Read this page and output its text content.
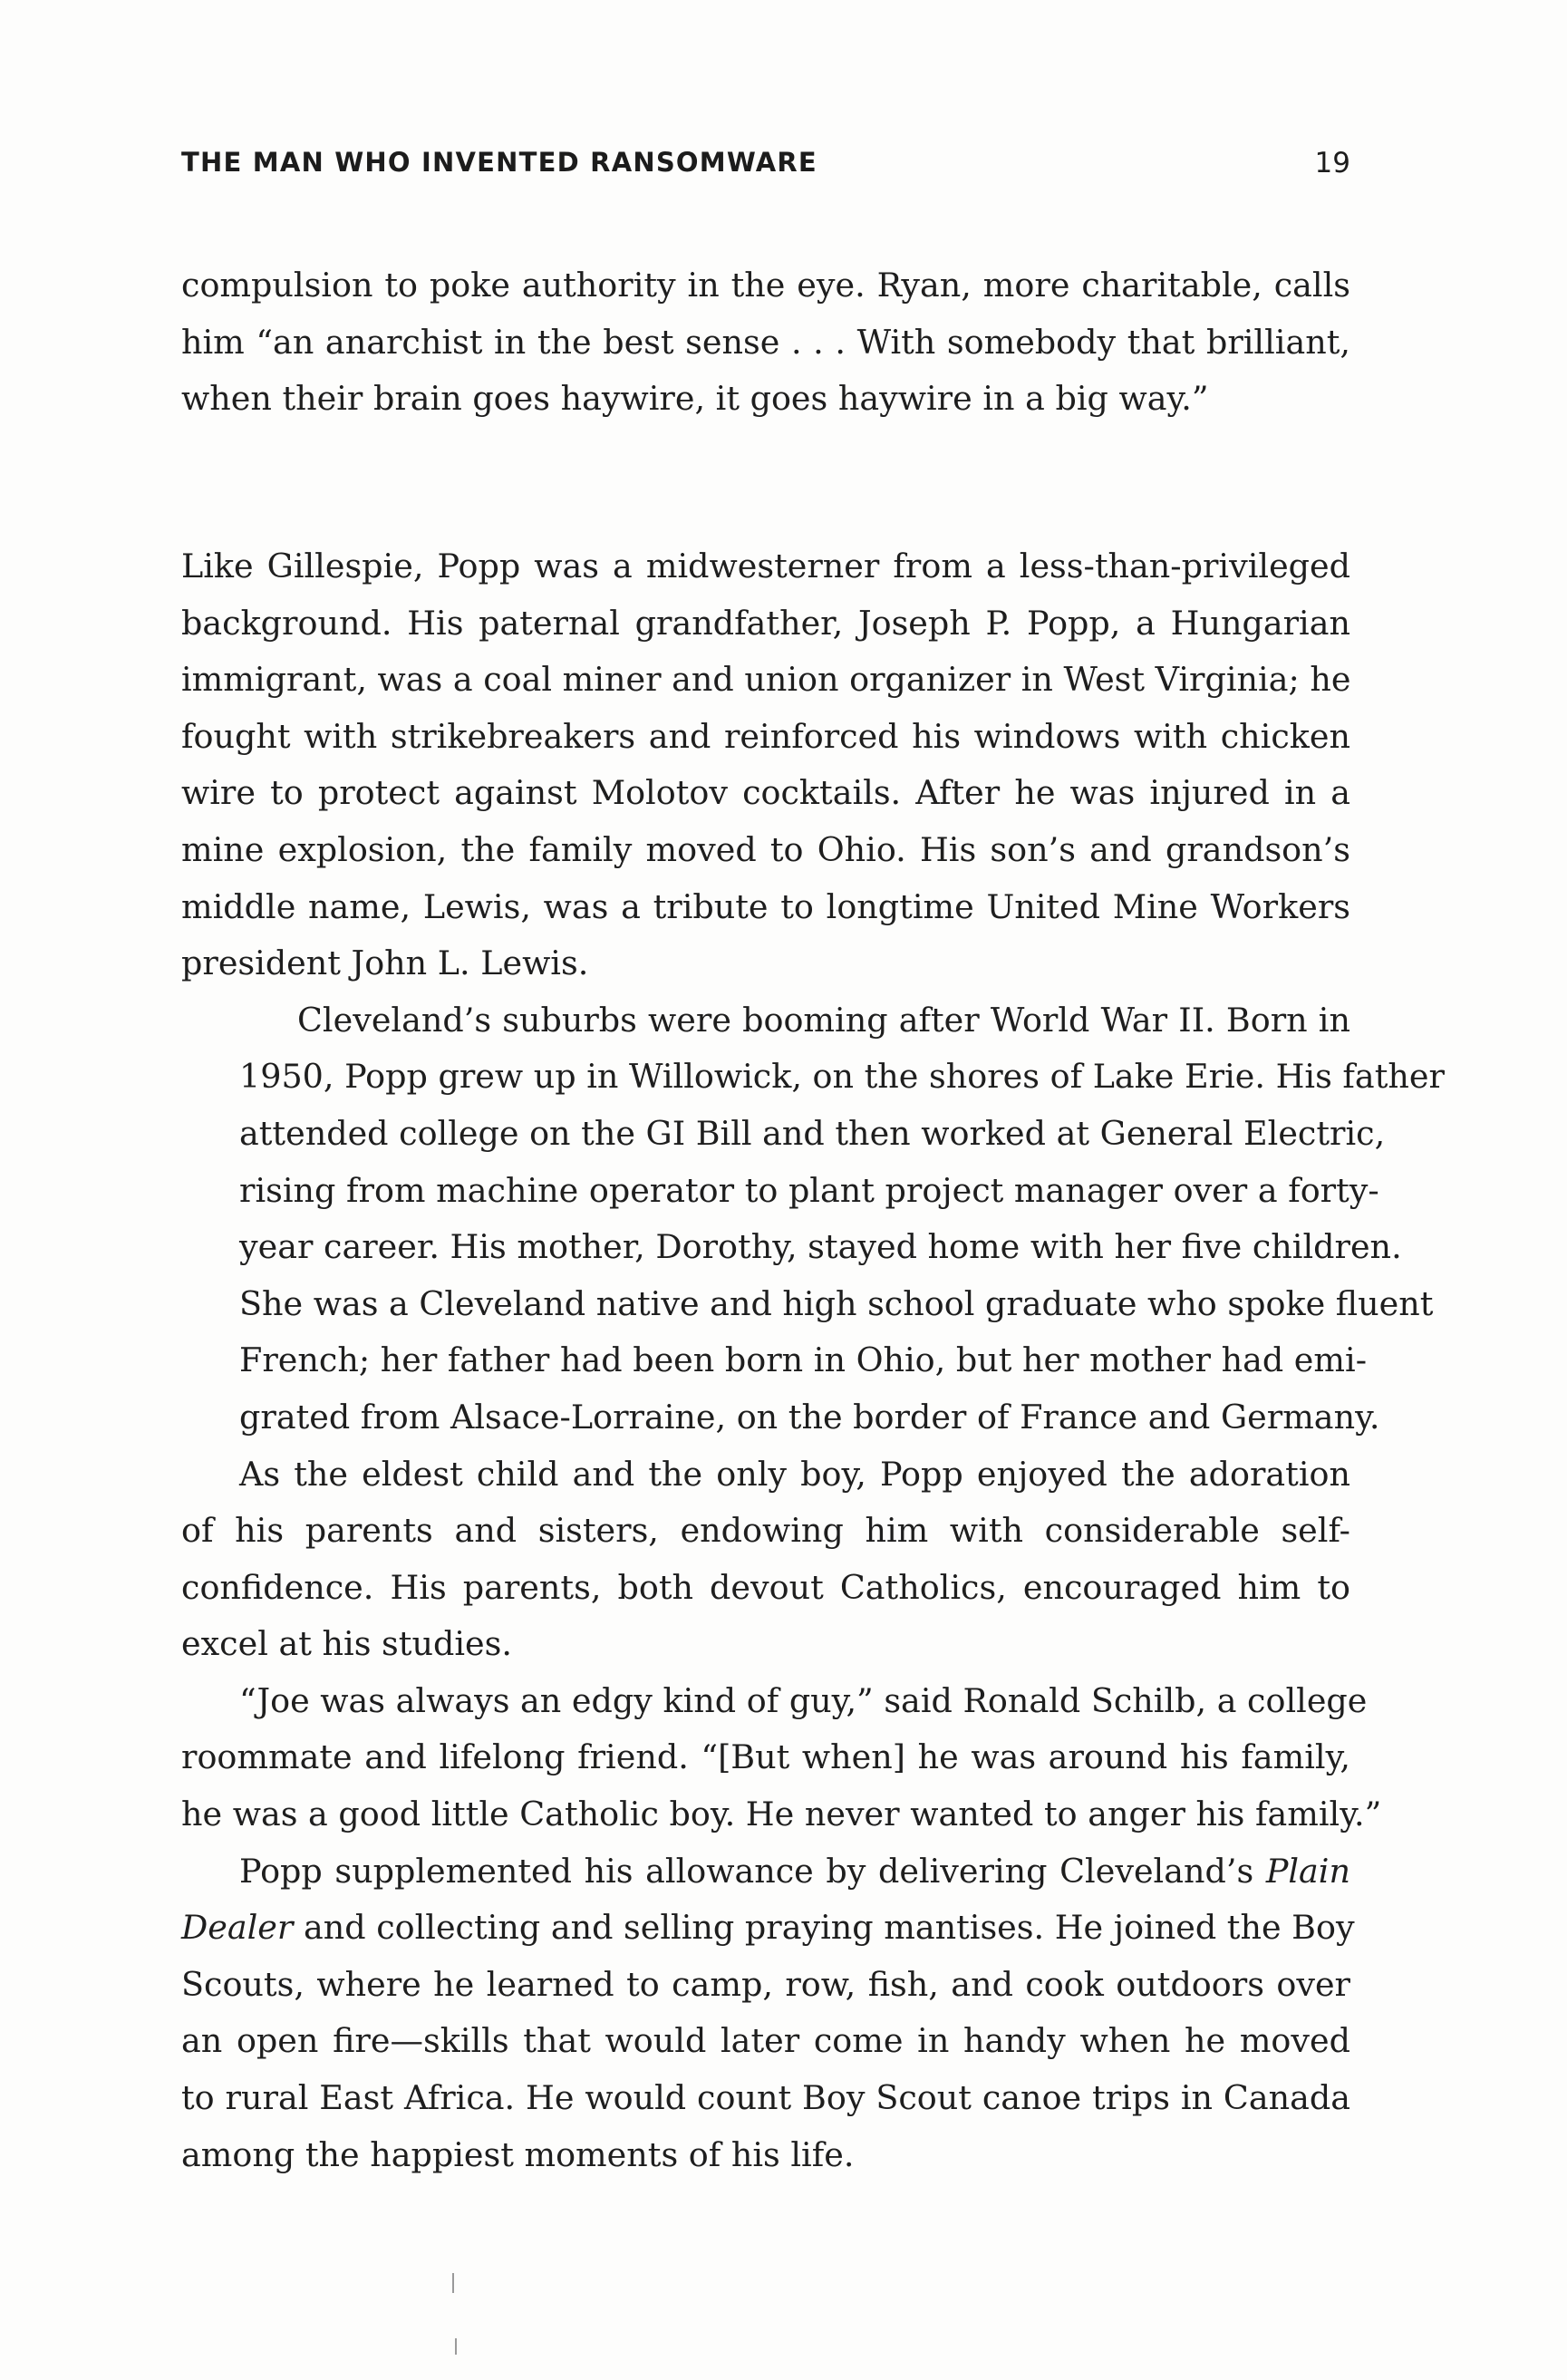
THE MAN WHO INVENTED RANSOMWARE	19

compulsion to poke authority in the eye. Ryan, more charitable, calls
him “an anarchist in the best sense . . . With somebody that brilliant,
when their brain goes haywire, it goes haywire in a big way.”

Like Gillespie, Popp was a midwesterner from a less-than-privileged
background. His paternal grandfather, Joseph P. Popp, a Hungarian
immigrant, was a coal miner and union organizer in West Virginia; he
fought with strikebreakers and reinforced his windows with chicken
wire to protect against Molotov cocktails. After he was injured in a
mine explosion, the family moved to Ohio. His son’s and grandson’s
middle name, Lewis, was a tribute to longtime United Mine Workers
president John L. Lewis.

Cleveland’s suburbs were booming after World War II. Born in
1950, Popp grew up in Willowick, on the shores of Lake Erie. His father
attended college on the GI Bill and then worked at General Electric,
rising from machine operator to plant project manager over a forty-
year career. His mother, Dorothy, stayed home with her five children.
She was a Cleveland native and high school graduate who spoke fluent
French; her father had been born in Ohio, but her mother had emi-
grated from Alsace-Lorraine, on the border of France and Germany.

As the eldest child and the only boy, Popp enjoyed the adoration
of his parents and sisters, endowing him with considerable self-
confidence. His parents, both devout Catholics, encouraged him to
excel at his studies.

“Joe was always an edgy kind of guy,” said Ronald Schilb, a college
roommate and lifelong friend. “[But when] he was around his family,
he was a good little Catholic boy. He never wanted to anger his family.”

Popp supplemented his allowance by delivering Cleveland’s Plain
Dealer and collecting and selling praying mantises. He joined the Boy
Scouts, where he learned to camp, row, fish, and cook outdoors over
an open fire—skills that would later come in handy when he moved
to rural East Africa. He would count Boy Scout canoe trips in Canada
among the happiest moments of his life.
